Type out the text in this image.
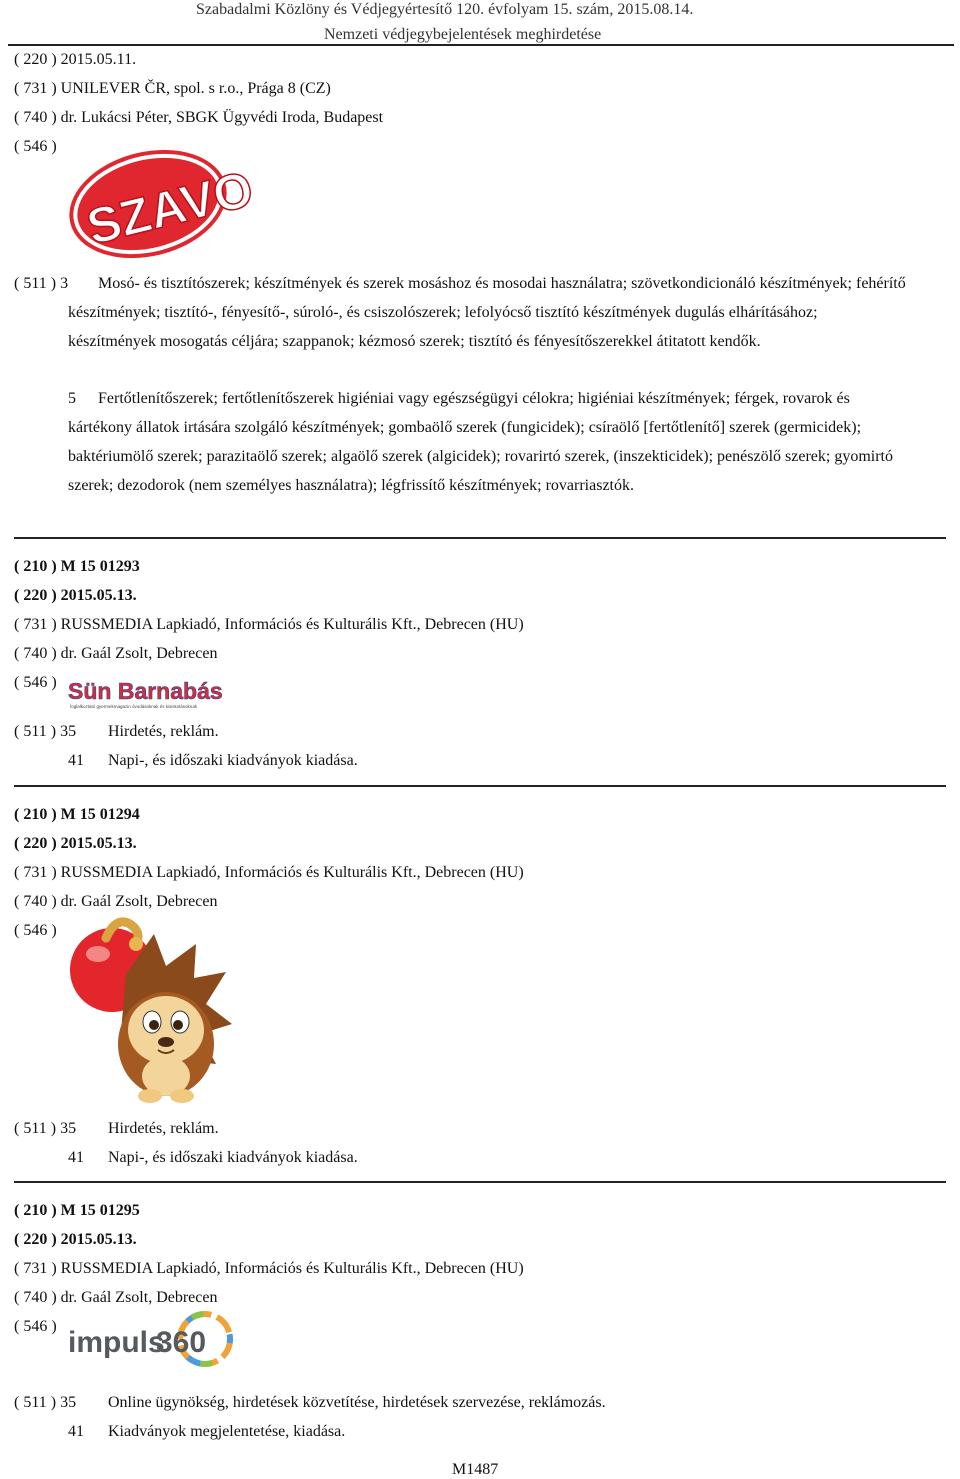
Szabadalmi Közlöny és Védjegyértesítő 120. évfolyam 15. szám, 2015.08.14.
Nemzeti védjegybejelentések meghirdetése
( 220 ) 2015.05.11.
( 731 ) UNILEVER ČR, spol. s r.o., Prága 8 (CZ)
( 740 ) dr. Lukácsi Péter, SBGK Ügyvédi Iroda, Budapest
( 546 )
SZAVO
( 511 ) 3	Mosó- és tisztítószerek; készítmények és szerek mosáshoz és mosodai használatra; szövetkondicionáló készítmények; fehérítő készítmények; tisztító-, fényesítő-, súroló-, és csiszolószerek; lefolyócső tisztító készítmények dugulás elhárításához; készítmények mosogatás céljára; szappanok; kézmosó szerek; tisztító és fényesítőszerekkel átitatott kendők.
5	Fertőtlenítőszerek; fertőtlenítőszerek higiéniai vagy egészségügyi célokra; higiéniai készítmények; férgek, rovarok és kártékony állatok irtására szolgáló készítmények; gombaölő szerek (fungicidek); csíraölő [fertőtlenítő] szerek (germicidek); baktériumölő szerek; parazitaölő szerek; algaölő szerek (algicidek); rovarirtó szerek, (inszekticidek); penészölő szerek; gyomirtó szerek; dezodorok (nem személyes használatra); légfrissítő készítmények; rovarriasztók.
( 210 ) M 15 01293
( 220 ) 2015.05.13.
( 731 ) RUSSMEDIA Lapkiadó, Információs és Kulturális Kft., Debrecen (HU)
( 740 ) dr. Gaál Zsolt, Debrecen
( 546 ) Sün Barnabás
foglalkoztató gyermekmagazin óvodásoknak és kisiskolásoknak
( 511 ) 35 Hirdetés, reklám.
41 Napi-, és időszaki kiadványok kiadása.
( 210 ) M 15 01294
( 220 ) 2015.05.13.
( 731 ) RUSSMEDIA Lapkiadó, Információs és Kulturális Kft., Debrecen (HU)
( 740 ) dr. Gaál Zsolt, Debrecen
( 546 )
( 511 ) 35 Hirdetés, reklám.
41 Napi-, és időszaki kiadványok kiadása.
( 210 ) M 15 01295
( 220 ) 2015.05.13.
( 731 ) RUSSMEDIA Lapkiadó, Információs és Kulturális Kft., Debrecen (HU)
( 740 ) dr. Gaál Zsolt, Debrecen
( 546 ) impuls
360
( 511 ) 35 Online ügynökség, hirdetések közvetítése, hirdetések szervezése, reklámozás.
41 Kiadványok megjelentetése, kiadása.
M1487
